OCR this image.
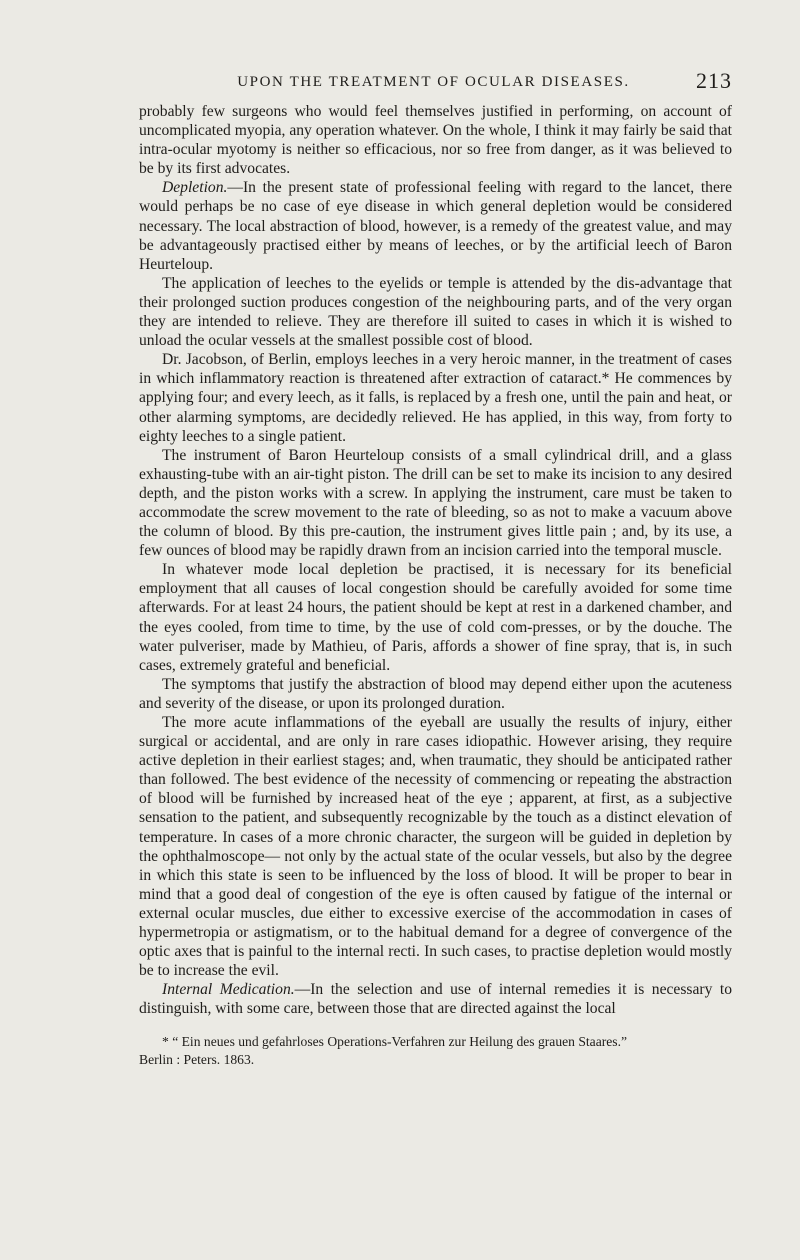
UPON THE TREATMENT OF OCULAR DISEASES.	213

probably few surgeons who would feel themselves justified in performing, on account of uncomplicated myopia, any operation whatever. On the whole, I think it may fairly be said that intra-ocular myotomy is neither so efficacious, nor so free from danger, as it was believed to be by its first advocates.

Depletion.—In the present state of professional feeling with regard to the lancet, there would perhaps be no case of eye disease in which general depletion would be considered necessary. The local abstraction of blood, however, is a remedy of the greatest value, and may be advantageously practised either by means of leeches, or by the artificial leech of Baron Heurteloup.

The application of leeches to the eyelids or temple is attended by the dis-advantage that their prolonged suction produces congestion of the neighbouring parts, and of the very organ they are intended to relieve. They are therefore ill suited to cases in which it is wished to unload the ocular vessels at the smallest possible cost of blood.

Dr. Jacobson, of Berlin, employs leeches in a very heroic manner, in the treatment of cases in which inflammatory reaction is threatened after extraction of cataract.* He commences by applying four; and every leech, as it falls, is replaced by a fresh one, until the pain and heat, or other alarming symptoms, are decidedly relieved. He has applied, in this way, from forty to eighty leeches to a single patient.

The instrument of Baron Heurteloup consists of a small cylindrical drill, and a glass exhausting-tube with an air-tight piston. The drill can be set to make its incision to any desired depth, and the piston works with a screw. In applying the instrument, care must be taken to accommodate the screw movement to the rate of bleeding, so as not to make a vacuum above the column of blood. By this pre-caution, the instrument gives little pain ; and, by its use, a few ounces of blood may be rapidly drawn from an incision carried into the temporal muscle.

In whatever mode local depletion be practised, it is necessary for its beneficial employment that all causes of local congestion should be carefully avoided for some time afterwards. For at least 24 hours, the patient should be kept at rest in a darkened chamber, and the eyes cooled, from time to time, by the use of cold com-presses, or by the douche. The water pulveriser, made by Mathieu, of Paris, affords a shower of fine spray, that is, in such cases, extremely grateful and beneficial.

The symptoms that justify the abstraction of blood may depend either upon the acuteness and severity of the disease, or upon its prolonged duration.

The more acute inflammations of the eyeball are usually the results of injury, either surgical or accidental, and are only in rare cases idiopathic. However arising, they require active depletion in their earliest stages; and, when traumatic, they should be anticipated rather than followed. The best evidence of the necessity of commencing or repeating the abstraction of blood will be furnished by increased heat of the eye ; apparent, at first, as a subjective sensation to the patient, and subsequently recognizable by the touch as a distinct elevation of temperature. In cases of a more chronic character, the surgeon will be guided in depletion by the ophthalmoscope— not only by the actual state of the ocular vessels, but also by the degree in which this state is seen to be influenced by the loss of blood. It will be proper to bear in mind that a good deal of congestion of the eye is often caused by fatigue of the internal or external ocular muscles, due either to excessive exercise of the accommodation in cases of hypermetropia or astigmatism, or to the habitual demand for a degree of convergence of the optic axes that is painful to the internal recti. In such cases, to practise depletion would mostly be to increase the evil.

Internal Medication.—In the selection and use of internal remedies it is necessary to distinguish, with some care, between those that are directed against the local

* “ Ein neues und gefahrloses Operations-Verfahren zur Heilung des grauen Staares.”
Berlin : Peters. 1863.
